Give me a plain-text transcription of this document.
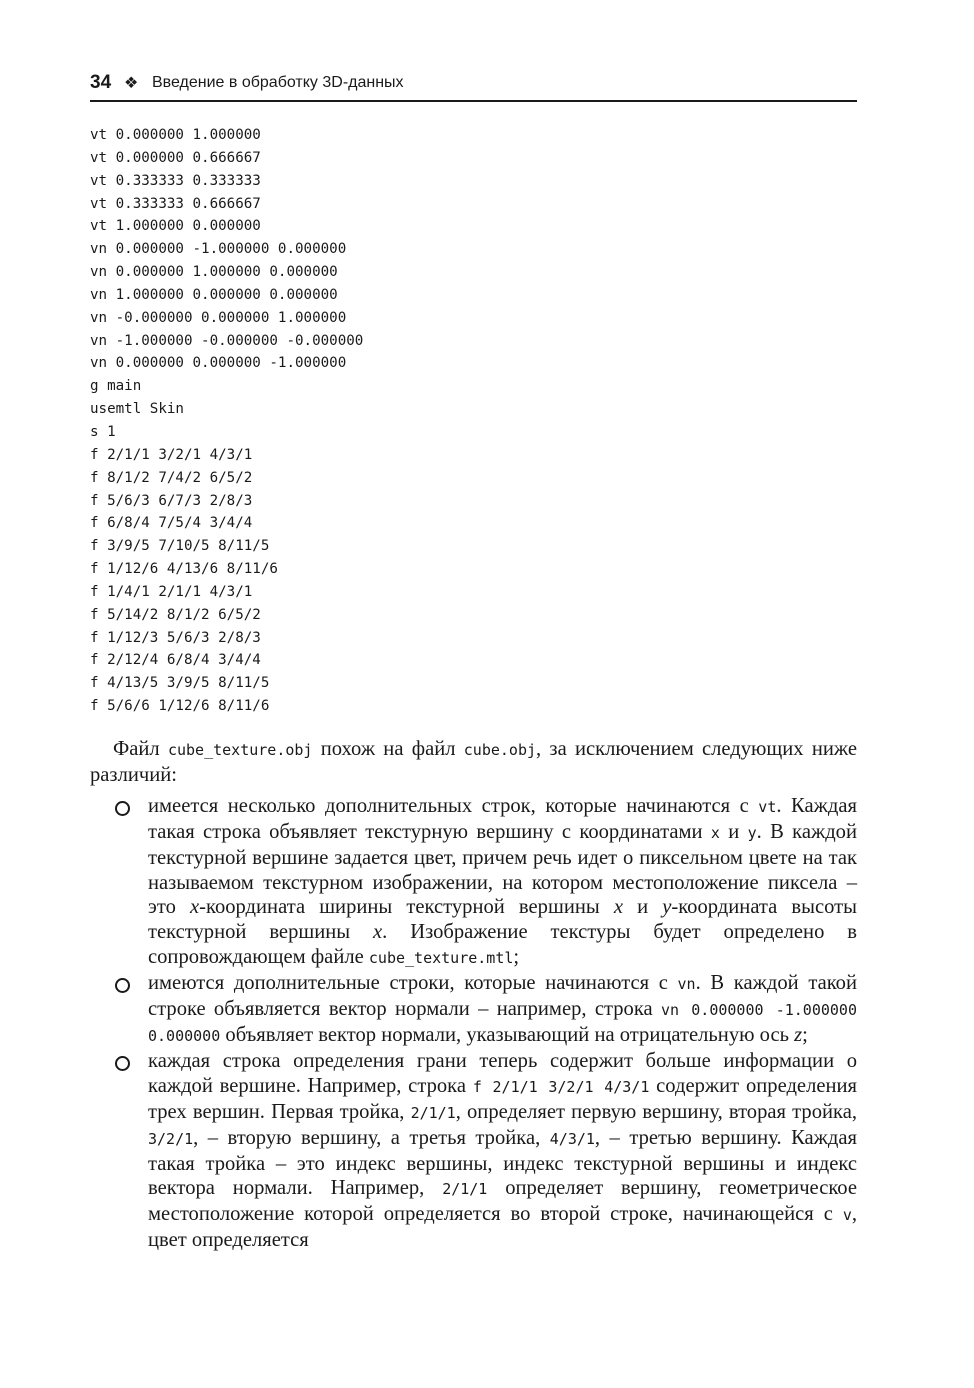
34 ❖ Введение в обработку 3D-данных
vt 0.000000 1.000000
vt 0.000000 0.666667
vt 0.333333 0.333333
vt 0.333333 0.666667
vt 1.000000 0.000000
vn 0.000000 -1.000000 0.000000
vn 0.000000 1.000000 0.000000
vn 1.000000 0.000000 0.000000
vn -0.000000 0.000000 1.000000
vn -1.000000 -0.000000 -0.000000
vn 0.000000 0.000000 -1.000000
g main
usemtl Skin
s 1
f 2/1/1 3/2/1 4/3/1
f 8/1/2 7/4/2 6/5/2
f 5/6/3 6/7/3 2/8/3
f 6/8/4 7/5/4 3/4/4
f 3/9/5 7/10/5 8/11/5
f 1/12/6 4/13/6 8/11/6
f 1/4/1 2/1/1 4/3/1
f 5/14/2 8/1/2 6/5/2
f 1/12/3 5/6/3 2/8/3
f 2/12/4 6/8/4 3/4/4
f 4/13/5 3/9/5 8/11/5
f 5/6/6 1/12/6 8/11/6

Файл cube_texture.obj похож на файл cube.obj, за исключением следующих ниже различий:

имеется несколько дополнительных строк, которые начинаются с vt. Каждая такая строка объявляет текстурную вершину с координатами x и y. В каждой текстурной вершине задается цвет, причем речь идет о пиксельном цвете на так называемом текстурном изображении, на котором местоположение пиксела – это x-координата ширины текстурной вершины x и y-координата высоты текстурной вершины x. Изображение текстуры будет определено в сопровождающем файле cube_texture.mtl;
имеются дополнительные строки, которые начинаются с vn. В каждой такой строке объявляется вектор нормали – например, строка vn 0.000000 -1.000000 0.000000 объявляет вектор нормали, указывающий на отрицательную ось z;
каждая строка определения грани теперь содержит больше информации о каждой вершине. Например, строка f 2/1/1 3/2/1 4/3/1 содержит определения трех вершин. Первая тройка, 2/1/1, определяет первую вершину, вторая тройка, 3/2/1, – вторую вершину, а третья тройка, 4/3/1, – третью вершину. Каждая такая тройка – это индекс вершины, индекс текстурной вершины и индекс вектора нормали. Например, 2/1/1 определяет вершину, геометрическое местоположение которой определяется во второй строке, начинающейся с v, цвет определяется
